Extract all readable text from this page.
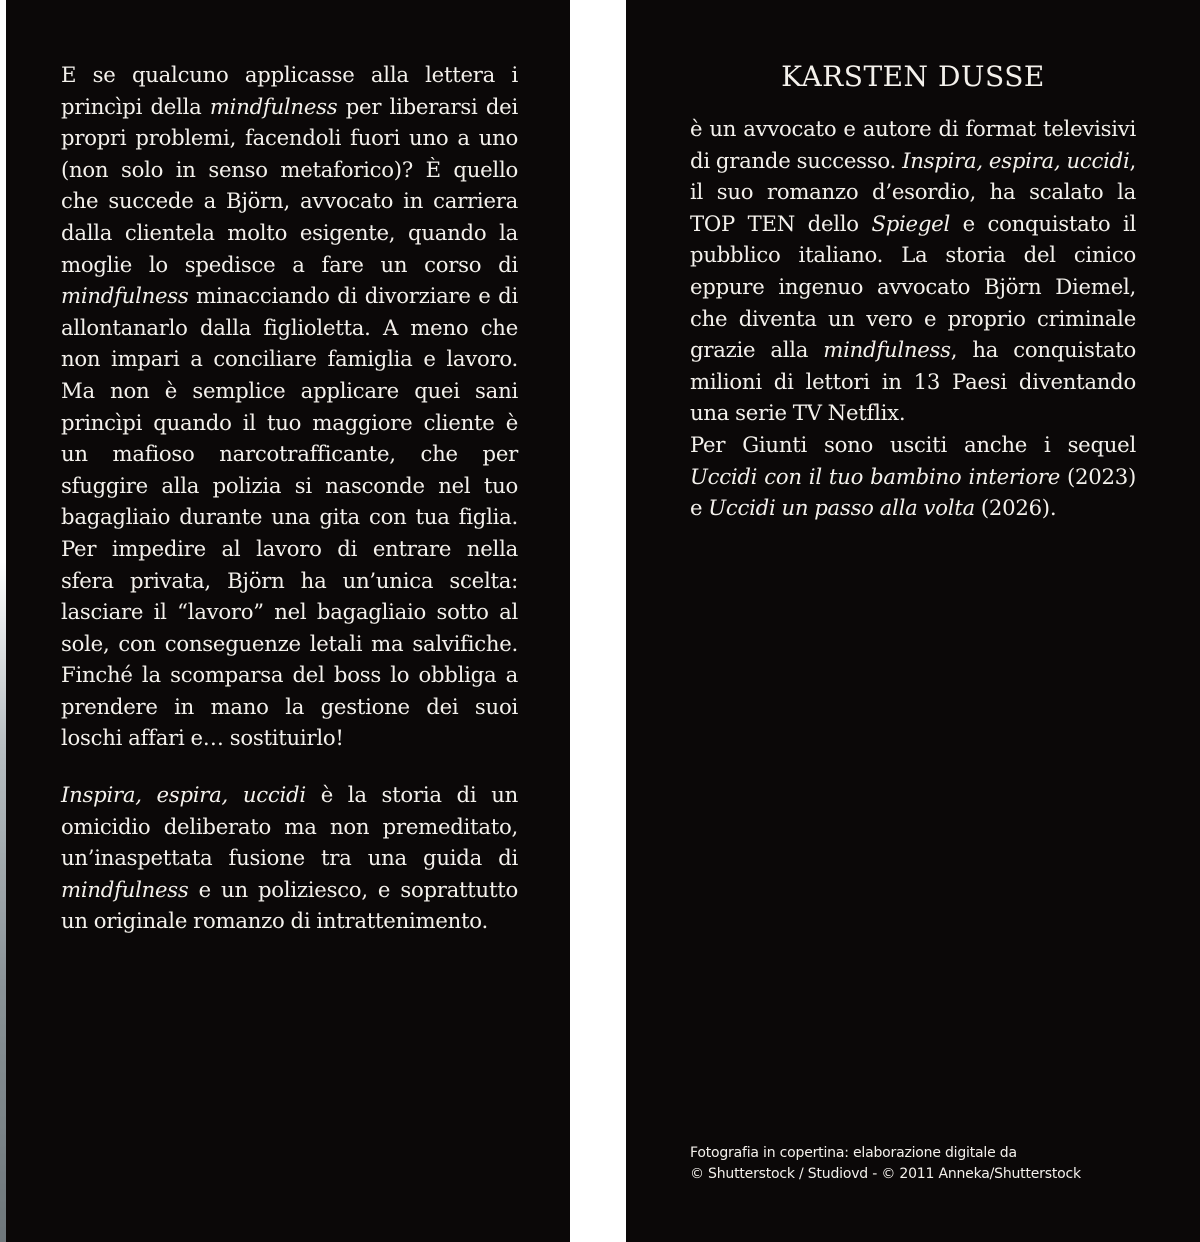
E se qualcuno applicasse alla lettera i princìpi della mindfulness per liberarsi dei propri problemi, facendoli fuori uno a uno (non solo in senso metaforico)? È quello che succede a Björn, avvocato in carriera dalla clientela molto esigente, quando la moglie lo spedisce a fare un corso di mindfulness minacciando di divorziare e di allontanarlo dalla figlioletta. A meno che non impari a conciliare famiglia e lavoro. Ma non è semplice applicare quei sani princìpi quando il tuo maggiore cliente è un mafioso narcotrafficante, che per sfuggire alla polizia si nasconde nel tuo bagagliaio durante una gita con tua figlia. Per impedire al lavoro di entrare nella sfera privata, Björn ha un’unica scelta: lasciare il “lavoro” nel bagagliaio sotto al sole, con conseguenze letali ma salvifiche. Finché la scomparsa del boss lo obbliga a prendere in mano la gestione dei suoi loschi affari e… sostituirlo!

Inspira, espira, uccidi è la storia di un omicidio deliberato ma non premeditato, un’inaspettata fusione tra una guida di mindfulness e un poliziesco, e soprattutto un originale romanzo di intrattenimento.

KARSTEN DUSSE

è un avvocato e autore di format televisivi di grande successo. Inspira, espira, uccidi, il suo romanzo d’esordio, ha scalato la TOP TEN dello Spiegel e conquistato il pubblico italiano. La storia del cinico eppure ingenuo avvocato Björn Diemel, che diventa un vero e proprio criminale grazie alla mindfulness, ha conquistato milioni di lettori in 13 Paesi diventando una serie TV Netflix.

Per Giunti sono usciti anche i sequel Uccidi con il tuo bambino interiore (2023) e Uccidi un passo alla volta (2026).

Fotografia in copertina: elaborazione digitale da
© Shutterstock / Studiovd - © 2011 Anneka/Shutterstock
